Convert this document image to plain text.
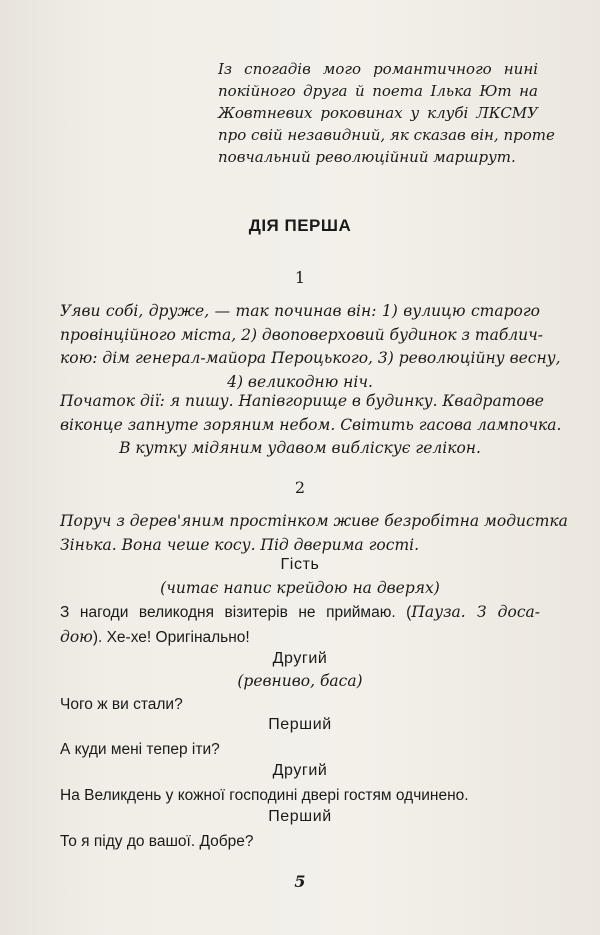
Із спогадів мого романтичного нині
покійного друга й поета Ілька Ют на
Жовтневих роковинах у клубі ЛКСМУ
про свій незавидний, як сказав він, проте
повчальний революційний маршрут.
ДІЯ ПЕРША
1
Уяви собі, друже, — так починав він: 1) вулицю старого
провінційного міста, 2) двоповерховий будинок з таблич-
кою: дім генерал-майора Пероцького, 3) революційну весну,
4) великодню ніч.
Початок дії: я пишу. Напівгорище в будинку. Квадратове
віконце запнуте зоряним небом. Світить гасова лампочка.
В кутку мідяним удавом вибліскує гелікон.
2
Поруч з дерев'яним простінком живе безробітна модистка
Зінька. Вона чеше косу. Під дверима гості.
Гість
(читає напис крейдою на дверях)
З нагоди великодня візитерів не приймаю. (Пауза. З доса-
дою). Хе-хе! Оригінально!
Другий
(ревниво, баса)
Чого ж ви стали?
Перший
А куди мені тепер іти?
Другий
На Великдень у кожної господині двері гостям одчинено.
Перший
То я піду до вашої. Добре?
5
